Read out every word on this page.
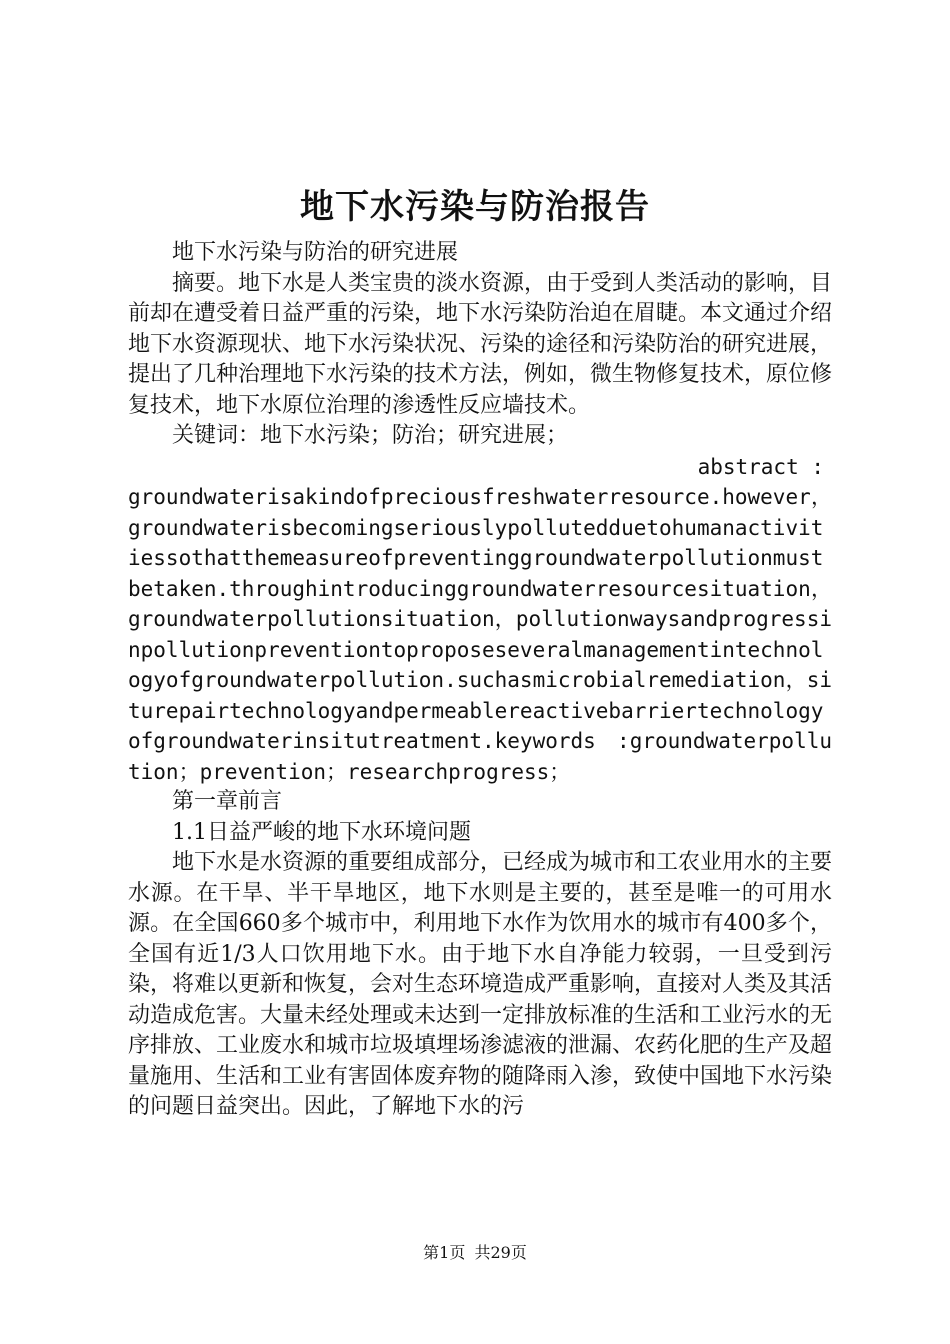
地下水污染与防治报告

地下水污染与防治的研究进展

摘要。地下水是人类宝贵的淡水资源，由于受到人类活动的影响，目前却在遭受着日益严重的污染，地下水污染防治迫在眉睫。本文通过介绍地下水资源现状、地下水污染状况、污染的途径和污染防治的研究进展，提出了几种治理地下水污染的技术方法，例如，微生物修复技术，原位修复技术，地下水原位治理的渗透性反应墙技术。

关键词：地下水污染；防治；研究进展；

abstract :
groundwaterisakindofpreciousfreshwaterresource.however，groundwaterisbecomingseriouslypollutedduetohumanactivitiessothatthemeasureofpreventinggroundwaterpollutionmustbetaken.throughintroducinggroundwaterresourcesituation，groundwaterpollutionsituation，pollutionwaysandprogressinpollutionpreventiontoproposeseveralmanagementintechnologyofgroundwaterpollution.suchasmicrobialremediation，siturepairtechnologyandpermeablereactivebarriertechnologyofgroundwaterinsitutreatment.keywords :groundwaterpollution；prevention；researchprogress；

第一章前言

1.1日益严峻的地下水环境问题

地下水是水资源的重要组成部分，已经成为城市和工农业用水的主要水源。在干旱、半干旱地区，地下水则是主要的，甚至是唯一的可用水源。在全国660多个城市中，利用地下水作为饮用水的城市有400多个，全国有近1/3人口饮用地下水。由于地下水自净能力较弱，一旦受到污染，将难以更新和恢复，会对生态环境造成严重影响，直接对人类及其活动造成危害。大量未经处理或未达到一定排放标准的生活和工业污水的无序排放、工业废水和城市垃圾填埋场渗滤液的泄漏、农药化肥的生产及超量施用、生活和工业有害固体废弃物的随降雨入渗，致使中国地下水污染的问题日益突出。因此，了解地下水的污

第1页 共29页
